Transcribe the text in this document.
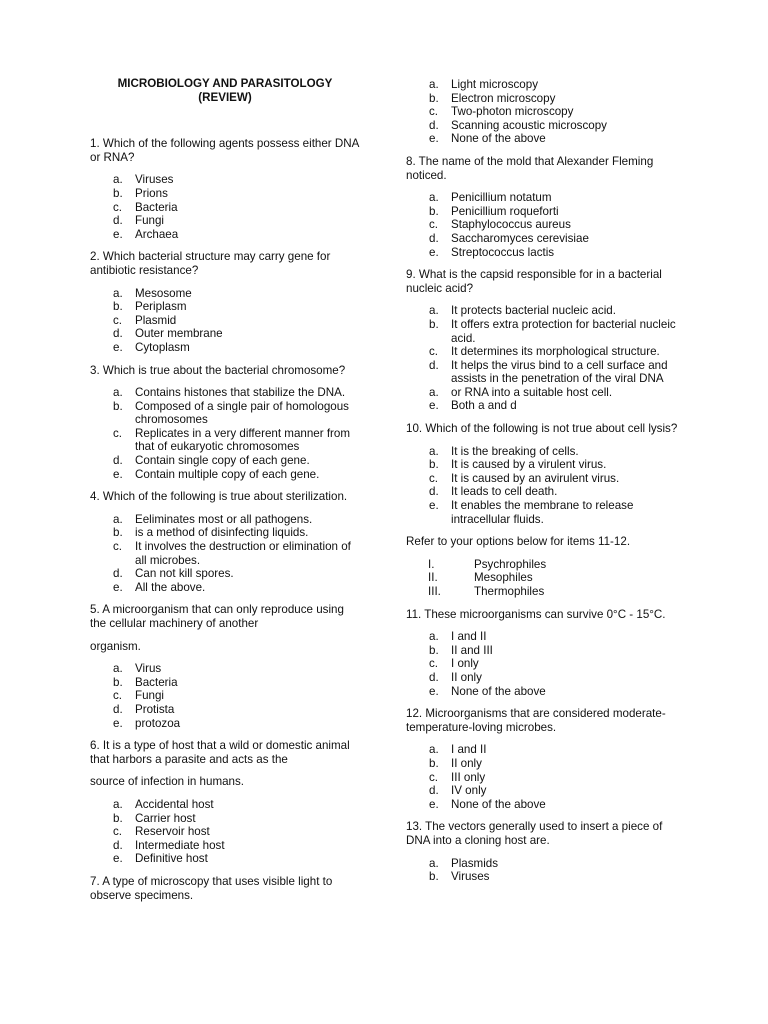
MICROBIOLOGY AND PARASITOLOGY
(REVIEW)
1. Which of the following agents possess either DNA or RNA?
a. Viruses
b. Prions
c. Bacteria
d. Fungi
e. Archaea
2. Which bacterial structure may carry gene for antibiotic resistance?
a. Mesosome
b. Periplasm
c. Plasmid
d. Outer membrane
e. Cytoplasm
3. Which is true about the bacterial chromosome?
a. Contains histones that stabilize the DNA.
b. Composed of a single pair of homologous chromosomes
c. Replicates in a very different manner from that of eukaryotic chromosomes
d. Contain single copy of each gene.
e. Contain multiple copy of each gene.
4. Which of the following is true about sterilization.
a. Eeliminates most or all pathogens.
b. is a method of disinfecting liquids.
c. It involves the destruction or elimination of all microbes.
d. Can not kill spores.
e. All the above.
5. A microorganism that can only reproduce using the cellular machinery of another
organism.
a. Virus
b. Bacteria
c. Fungi
d. Protista
e. protozoa
6. It is a type of host that a wild or domestic animal that harbors a parasite and acts as the
source of infection in humans.
a. Accidental host
b. Carrier host
c. Reservoir host
d. Intermediate host
e. Definitive host
7. A type of microscopy that uses visible light to observe specimens.
a. Light microscopy
b. Electron microscopy
c. Two-photon microscopy
d. Scanning acoustic microscopy
e. None of the above
8. The name of the mold that Alexander Fleming noticed.
a. Penicillium notatum
b. Penicillium roqueforti
c. Staphylococcus aureus
d. Saccharomyces cerevisiae
e. Streptococcus lactis
9. What is the capsid responsible for in a bacterial nucleic acid?
a. It protects bacterial nucleic acid.
b. It offers extra protection for bacterial nucleic acid.
c. It determines its morphological structure.
d. It helps the virus bind to a cell surface and assists in the penetration of the viral DNA
a. or RNA into a suitable host cell.
e. Both a and d
10. Which of the following is not true about cell lysis?
a. It is the breaking of cells.
b. It is caused by a virulent virus.
c. It is caused by an avirulent virus.
d. It leads to cell death.
e. It enables the membrane to release intracellular fluids.
Refer to your options below for items 11-12.
I.	Psychrophiles
II.	Mesophiles
III.	Thermophiles
11. These microorganisms can survive 0°C - 15°C.
a. I and II
b. II and III
c. I only
d. II only
e. None of the above
12. Microorganisms that are considered moderate-temperature-loving microbes.
a. I and II
b. II only
c. III only
d. IV only
e. None of the above
13. The vectors generally used to insert a piece of DNA into a cloning host are.
a. Plasmids
b. Viruses
